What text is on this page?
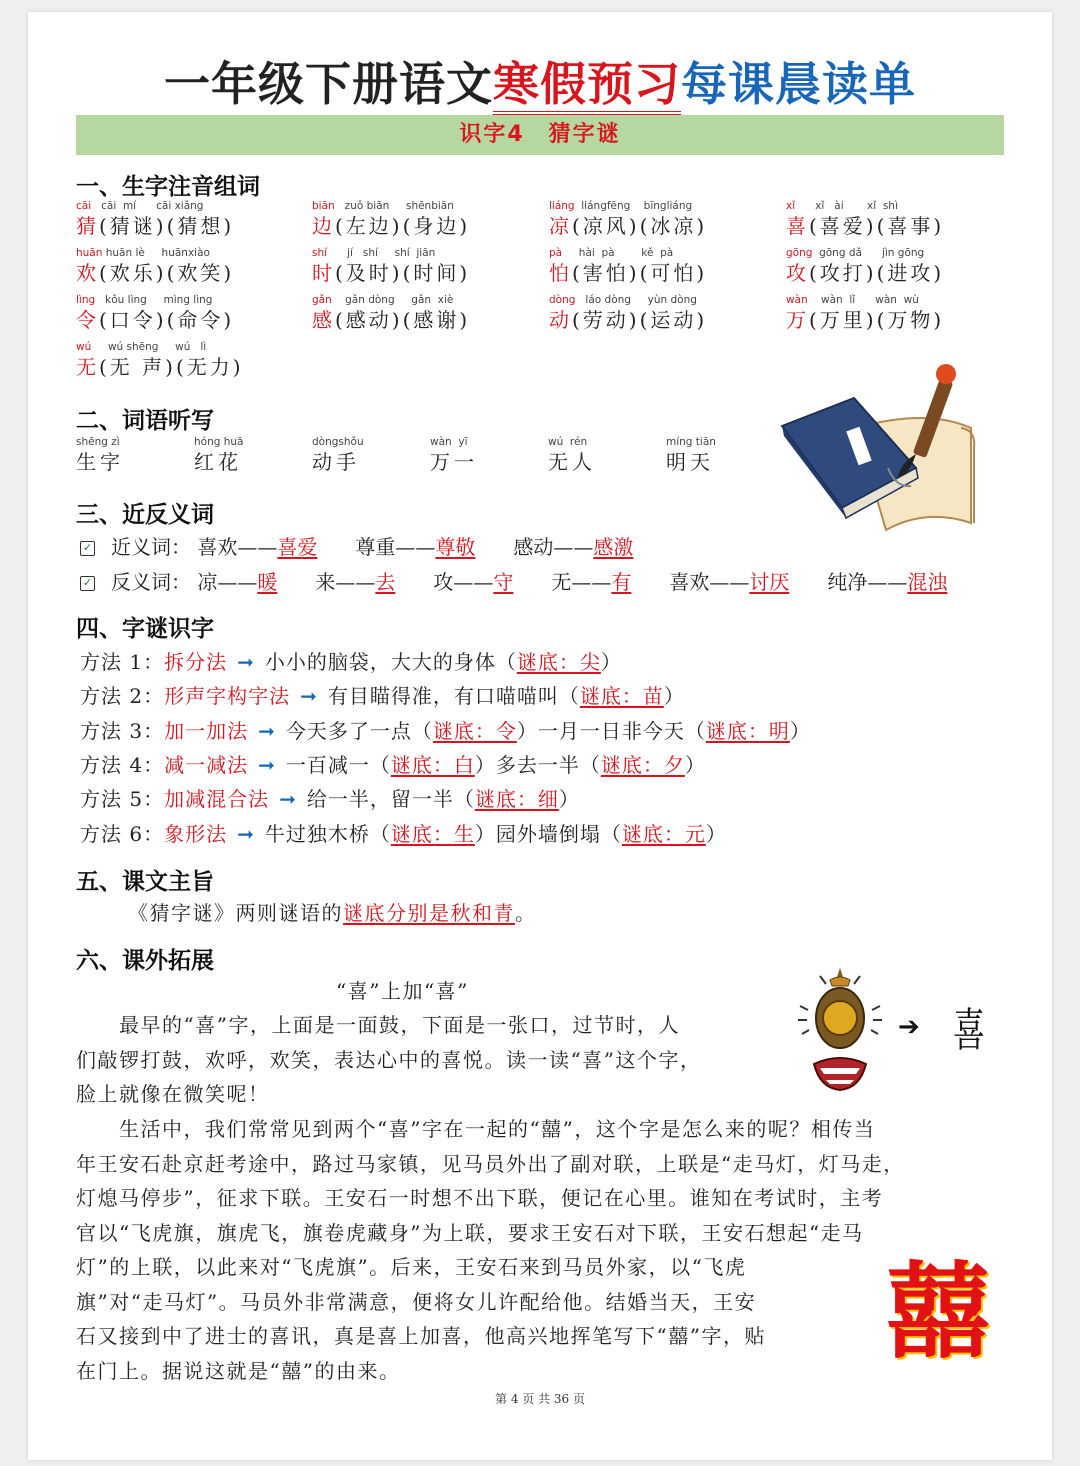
一年级下册语文寒假预习每课晨读单
识字4　猜字谜
一、生字注音组词
cāi   cāi  mí      cāi xiǎng
猜(猜谜)(猜想)
biān   zuǒ biān     shēnbiān
边(左边)(身边)
liáng  liángfēng    bīngliáng
凉(凉风)(冰凉)
xǐ      xǐ   ài       xǐ  shì
喜(喜爱)(喜事)
huān huān lè     huānxiào
欢(欢乐)(欢笑)
shí      jí   shí     shí  jiān
时(及时)(时间)
pà     hài  pà        kě  pà
怕(害怕)(可怕)
gōng  gōng dǎ      jìn gōng
攻(攻打)(进攻)
lìng   kǒu lìng     mìng lìng
令(口令)(命令)
gǎn    gǎn dòng     gǎn  xiè
感(感动)(感谢)
dòng   láo dòng     yùn dòng
动(劳动)(运动)
wàn    wàn  lǐ      wàn  wù
万(万里)(万物)
wú     wú shēng     wú   lì
无(无 声)(无力)
二、词语听写
shēng zì
生字
hóng huā
红花
dòngshǒu
动手
wàn  yī
万一
wú  rén
无人
míng tiān
明天
三、近反义词
✓ 近义词： 喜欢——喜爱 尊重——尊敬 感动——感激
✓ 反义词： 凉——暖 来——去 攻——守 无——有 喜欢——讨厌 纯净——混浊
四、字谜识字
方法 1：拆分法 ➞ 小小的脑袋，大大的身体（谜底：尖）
方法 2：形声字构字法 ➞ 有目瞄得准，有口喵喵叫（谜底：苗）
方法 3：加一加法 ➞ 今天多了一点（谜底：令）一月一日非今天（谜底：明）
方法 4：减一减法 ➞ 一百减一（谜底：白）多去一半（谜底：夕）
方法 5：加减混合法 ➞ 给一半，留一半（谜底：细）
方法 6：象形法 ➞ 牛过独木桥（谜底：生）园外墙倒塌（谜底：元）
五、课文主旨
《猜字谜》两则谜语的谜底分别是秋和青。
六、课外拓展
“喜”上加“喜”
　　最早的“喜”字，上面是一面鼓，下面是一张口，过节时，人
们敲锣打鼓，欢呼，欢笑，表达心中的喜悦。读一读“喜”这个字，
脸上就像在微笑呢！
　　生活中，我们常常见到两个“喜”字在一起的“囍”，这个字是怎么来的呢？相传当
年王安石赴京赶考途中，路过马家镇，见马员外出了副对联，上联是“走马灯，灯马走，
灯熄马停步”，征求下联。王安石一时想不出下联，便记在心里。谁知在考试时，主考
官以“飞虎旗，旗虎飞，旗卷虎藏身”为上联，要求王安石对下联，王安石想起“走马
灯”的上联，以此来对“飞虎旗”。后来，王安石来到马员外家，以“飞虎
旗”对“走马灯”。马员外非常满意，便将女儿许配给他。结婚当天，王安
石又接到中了进士的喜讯，真是喜上加喜，他高兴地挥笔写下“囍”字，贴
在门上。据说这就是“囍”的由来。
➔ 喜
囍
第 4 页 共 36 页
